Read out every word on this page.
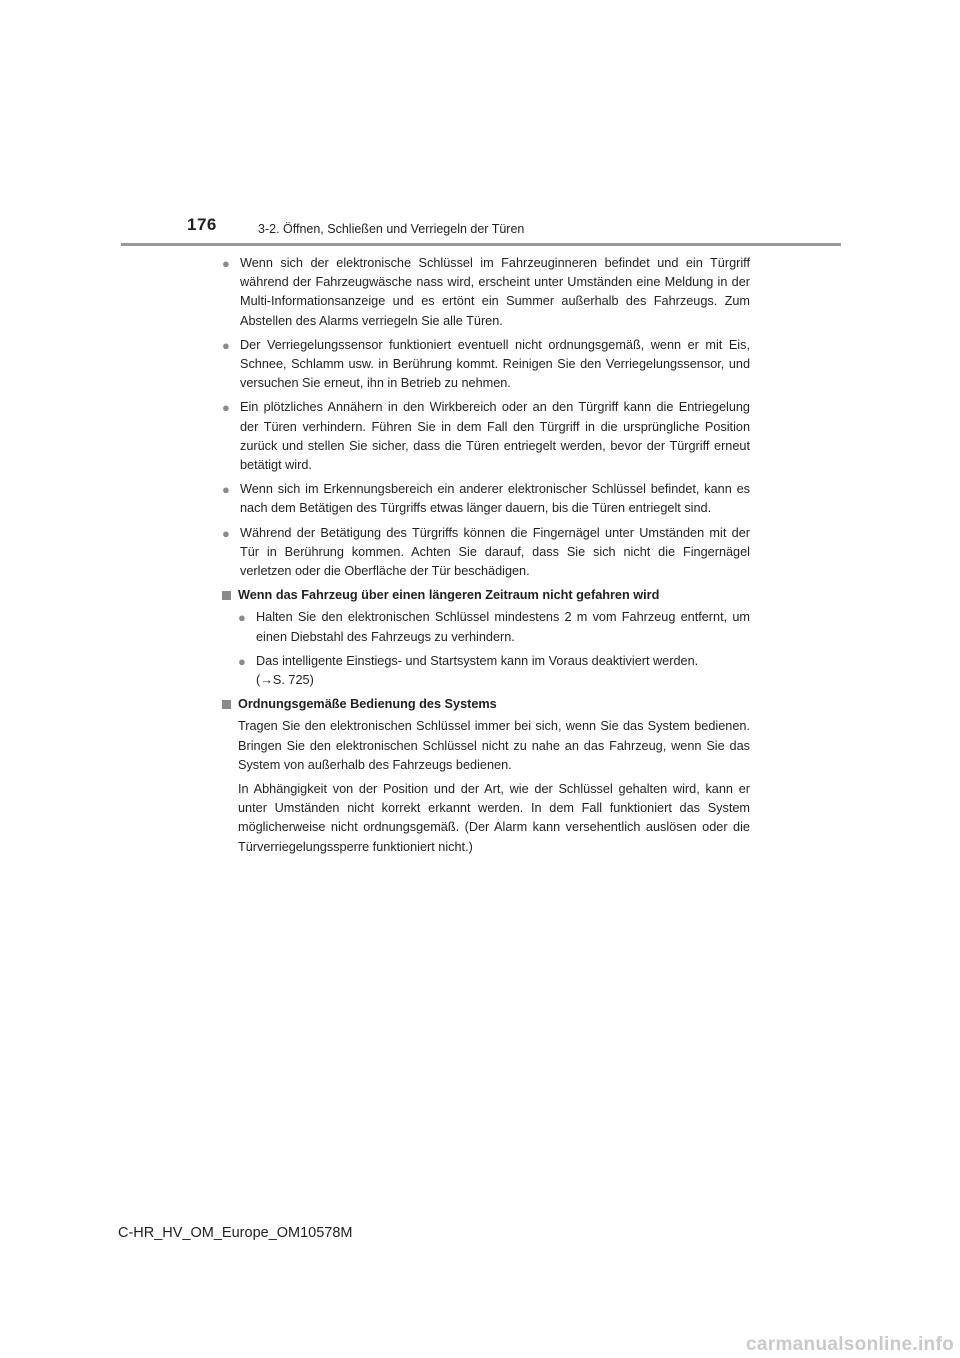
176	3-2. Öffnen, Schließen und Verriegeln der Türen
● Wenn sich der elektronische Schlüssel im Fahrzeuginneren befindet und ein Türgriff während der Fahrzeugwäsche nass wird, erscheint unter Umständen eine Meldung in der Multi-Informationsanzeige und es ertönt ein Summer außerhalb des Fahrzeugs. Zum Abstellen des Alarms verriegeln Sie alle Türen.
● Der Verriegelungssensor funktioniert eventuell nicht ordnungsgemäß, wenn er mit Eis, Schnee, Schlamm usw. in Berührung kommt. Reinigen Sie den Verriegelungssensor, und versuchen Sie erneut, ihn in Betrieb zu nehmen.
● Ein plötzliches Annähern in den Wirkbereich oder an den Türgriff kann die Entriegelung der Türen verhindern. Führen Sie in dem Fall den Türgriff in die ursprüngliche Position zurück und stellen Sie sicher, dass die Türen entriegelt werden, bevor der Türgriff erneut betätigt wird.
● Wenn sich im Erkennungsbereich ein anderer elektronischer Schlüssel befindet, kann es nach dem Betätigen des Türgriffs etwas länger dauern, bis die Türen entriegelt sind.
● Während der Betätigung des Türgriffs können die Fingernägel unter Umständen mit der Tür in Berührung kommen. Achten Sie darauf, dass Sie sich nicht die Fingernägel verletzen oder die Oberfläche der Tür beschädigen.
Wenn das Fahrzeug über einen längeren Zeitraum nicht gefahren wird
● Halten Sie den elektronischen Schlüssel mindestens 2 m vom Fahrzeug entfernt, um einen Diebstahl des Fahrzeugs zu verhindern.
● Das intelligente Einstiegs- und Startsystem kann im Voraus deaktiviert werden.
(→S. 725)
Ordnungsgemäße Bedienung des Systems
Tragen Sie den elektronischen Schlüssel immer bei sich, wenn Sie das System bedienen. Bringen Sie den elektronischen Schlüssel nicht zu nahe an das Fahrzeug, wenn Sie das System von außerhalb des Fahrzeugs bedienen.
In Abhängigkeit von der Position und der Art, wie der Schlüssel gehalten wird, kann er unter Umständen nicht korrekt erkannt werden. In dem Fall funktioniert das System möglicherweise nicht ordnungsgemäß. (Der Alarm kann versehentlich auslösen oder die Türverriegelungssperre funktioniert nicht.)
C-HR_HV_OM_Europe_OM10578M
carmanualsonline.info
